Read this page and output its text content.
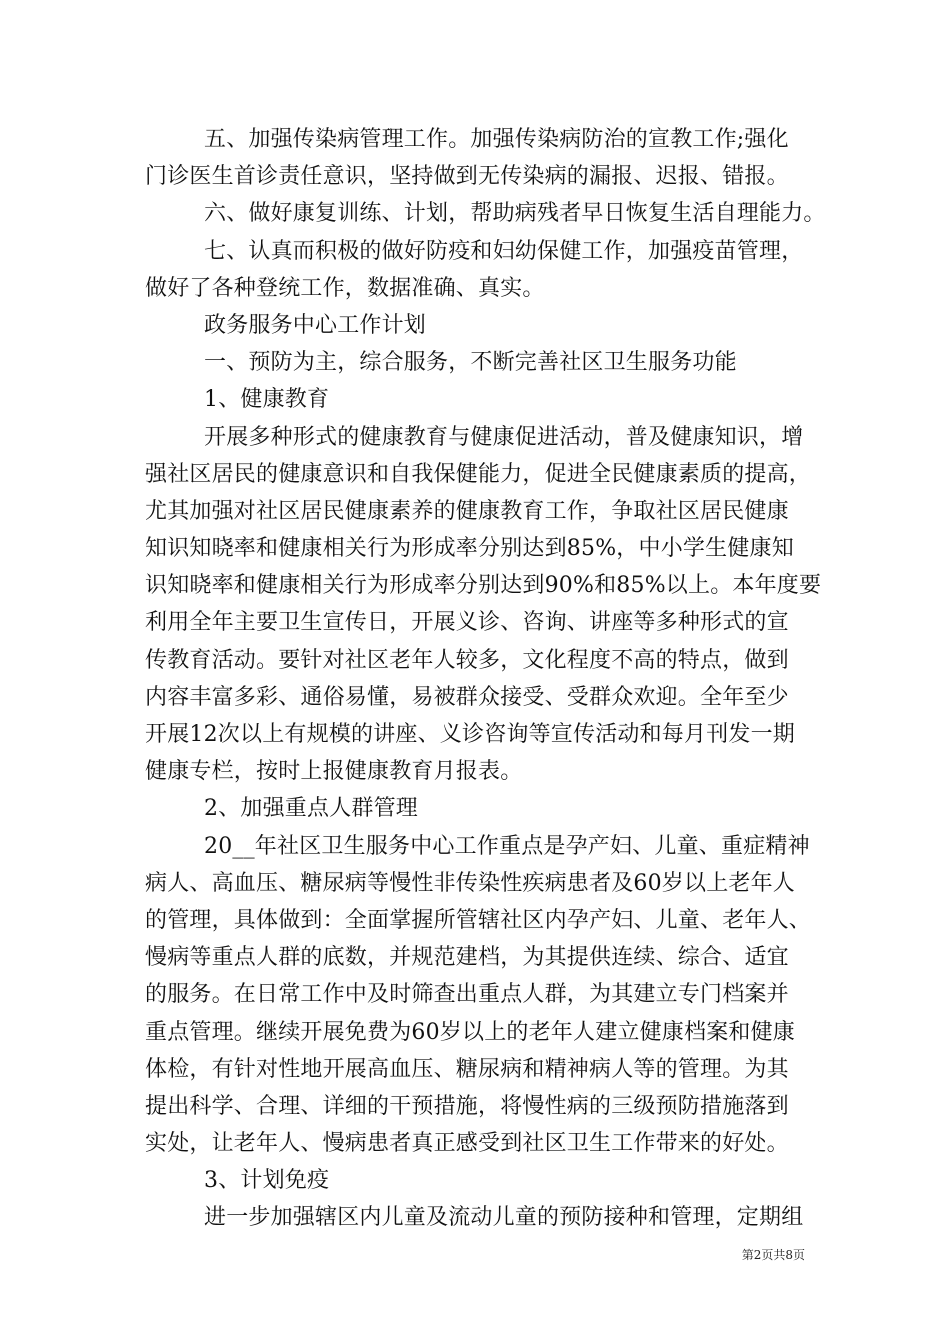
五、加强传染病管理工作。加强传染病防治的宣教工作;强化
门诊医生首诊责任意识，坚持做到无传染病的漏报、迟报、错报。
六、做好康复训练、计划，帮助病残者早日恢复生活自理能力。
七、认真而积极的做好防疫和妇幼保健工作，加强疫苗管理，
做好了各种登统工作，数据准确、真实。
政务服务中心工作计划
一、预防为主，综合服务，不断完善社区卫生服务功能
1、健康教育
开展多种形式的健康教育与健康促进活动，普及健康知识，增
强社区居民的健康意识和自我保健能力，促进全民健康素质的提高，
尤其加强对社区居民健康素养的健康教育工作，争取社区居民健康
知识知晓率和健康相关行为形成率分别达到85%，中小学生健康知
识知晓率和健康相关行为形成率分别达到90%和85%以上。本年度要
利用全年主要卫生宣传日，开展义诊、咨询、讲座等多种形式的宣
传教育活动。要针对社区老年人较多，文化程度不高的特点，做到
内容丰富多彩、通俗易懂，易被群众接受、受群众欢迎。全年至少
开展12次以上有规模的讲座、义诊咨询等宣传活动和每月刊发一期
健康专栏，按时上报健康教育月报表。
2、加强重点人群管理
20__年社区卫生服务中心工作重点是孕产妇、儿童、重症精神
病人、高血压、糖尿病等慢性非传染性疾病患者及60岁以上老年人
的管理，具体做到：全面掌握所管辖社区内孕产妇、儿童、老年人、
慢病等重点人群的底数，并规范建档，为其提供连续、综合、适宜
的服务。在日常工作中及时筛查出重点人群，为其建立专门档案并
重点管理。继续开展免费为60岁以上的老年人建立健康档案和健康
体检，有针对性地开展高血压、糖尿病和精神病人等的管理。为其
提出科学、合理、详细的干预措施，将慢性病的三级预防措施落到
实处，让老年人、慢病患者真正感受到社区卫生工作带来的好处。
3、计划免疫
进一步加强辖区内儿童及流动儿童的预防接种和管理，定期组
第2页共8页
